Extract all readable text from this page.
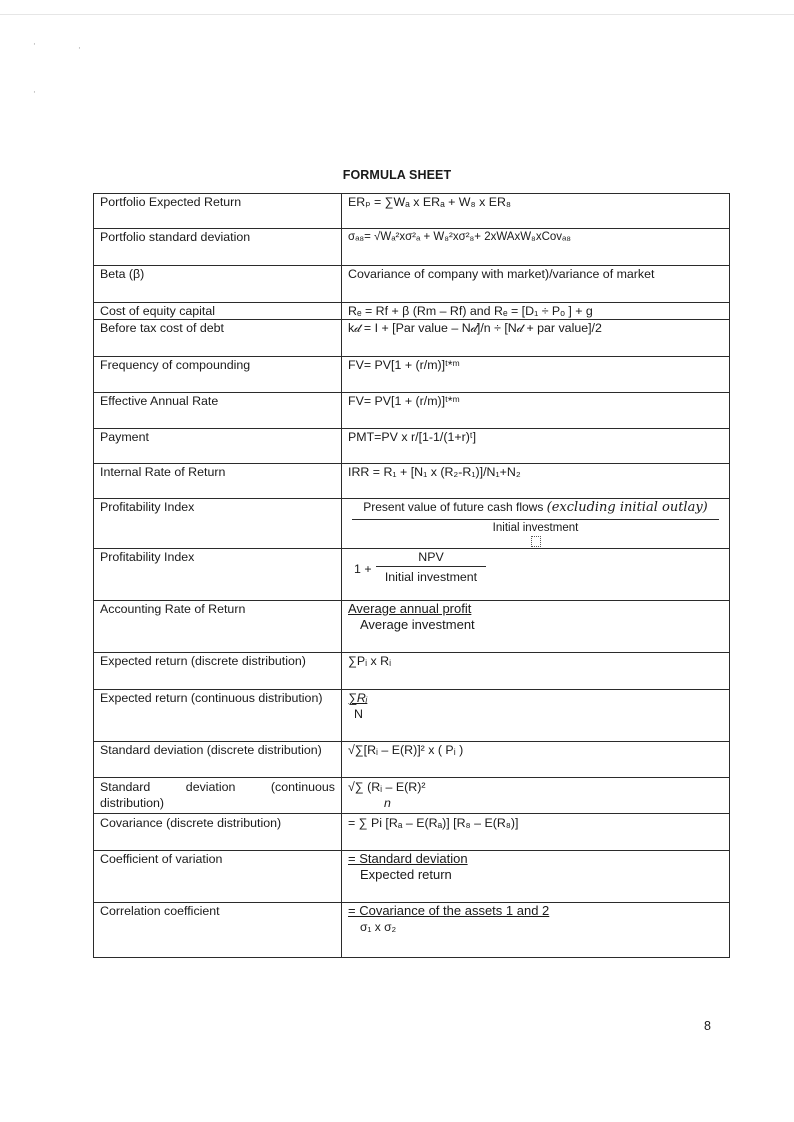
·	·
·
FORMULA SHEET
Portfolio Expected Return	ERₚ = ∑Wₐ x ERₐ + W₈ x ER₈
Portfolio standard deviation	σₐ₈= √Wₐ²xσ²ₐ + W₈²xσ²₈+ 2xWAxW₈xCovₐ₈
Beta (β)	Covariance of company with market)/variance of market
Cost of equity capital	Rₑ = Rf + β (Rm – Rf) and Rₑ = [D₁ ÷ Pₒ ] + g
Before tax cost of debt	k𝒹 = I + [Par value – N𝒹]/n ÷ [N𝒹 + par value]/2
Frequency of compounding	FV= PV[1 + (r/m)]ᵗ*ᵐ
Effective Annual Rate	FV= PV[1 + (r/m)]ᵗ*ᵐ
Payment	PMT=PV x r/[1-1/(1+r)ᵗ]
Internal Rate of Return	IRR = R₁ + [N₁ x (R₂-R₁)]/N₁+N₂
Profitability Index	Present value of future cash flows (excluding initial outlay)
Initial investment

Profitability Index	1 +
NPV
Initial investment

Accounting Rate of Return	Average annual profit
Average investment

Expected return (discrete distribution)	∑Pᵢ x Rᵢ
Expected return (continuous distribution)	∑Rᵢ
N

Standard deviation (discrete distribution)	√∑[Rᵢ – E(R)]² x ( Pᵢ )
Standard deviation (continuous distribution)	√∑ (Rᵢ – E(R)²
n

Covariance (discrete distribution)	= ∑ Pi [Rₐ – E(Rₐ)] [R₈ – E(R₈)]
Coefficient of variation	= Standard deviation
Expected return

Correlation coefficient	= Covariance of the assets 1 and 2
σ₁ x σ₂
8
